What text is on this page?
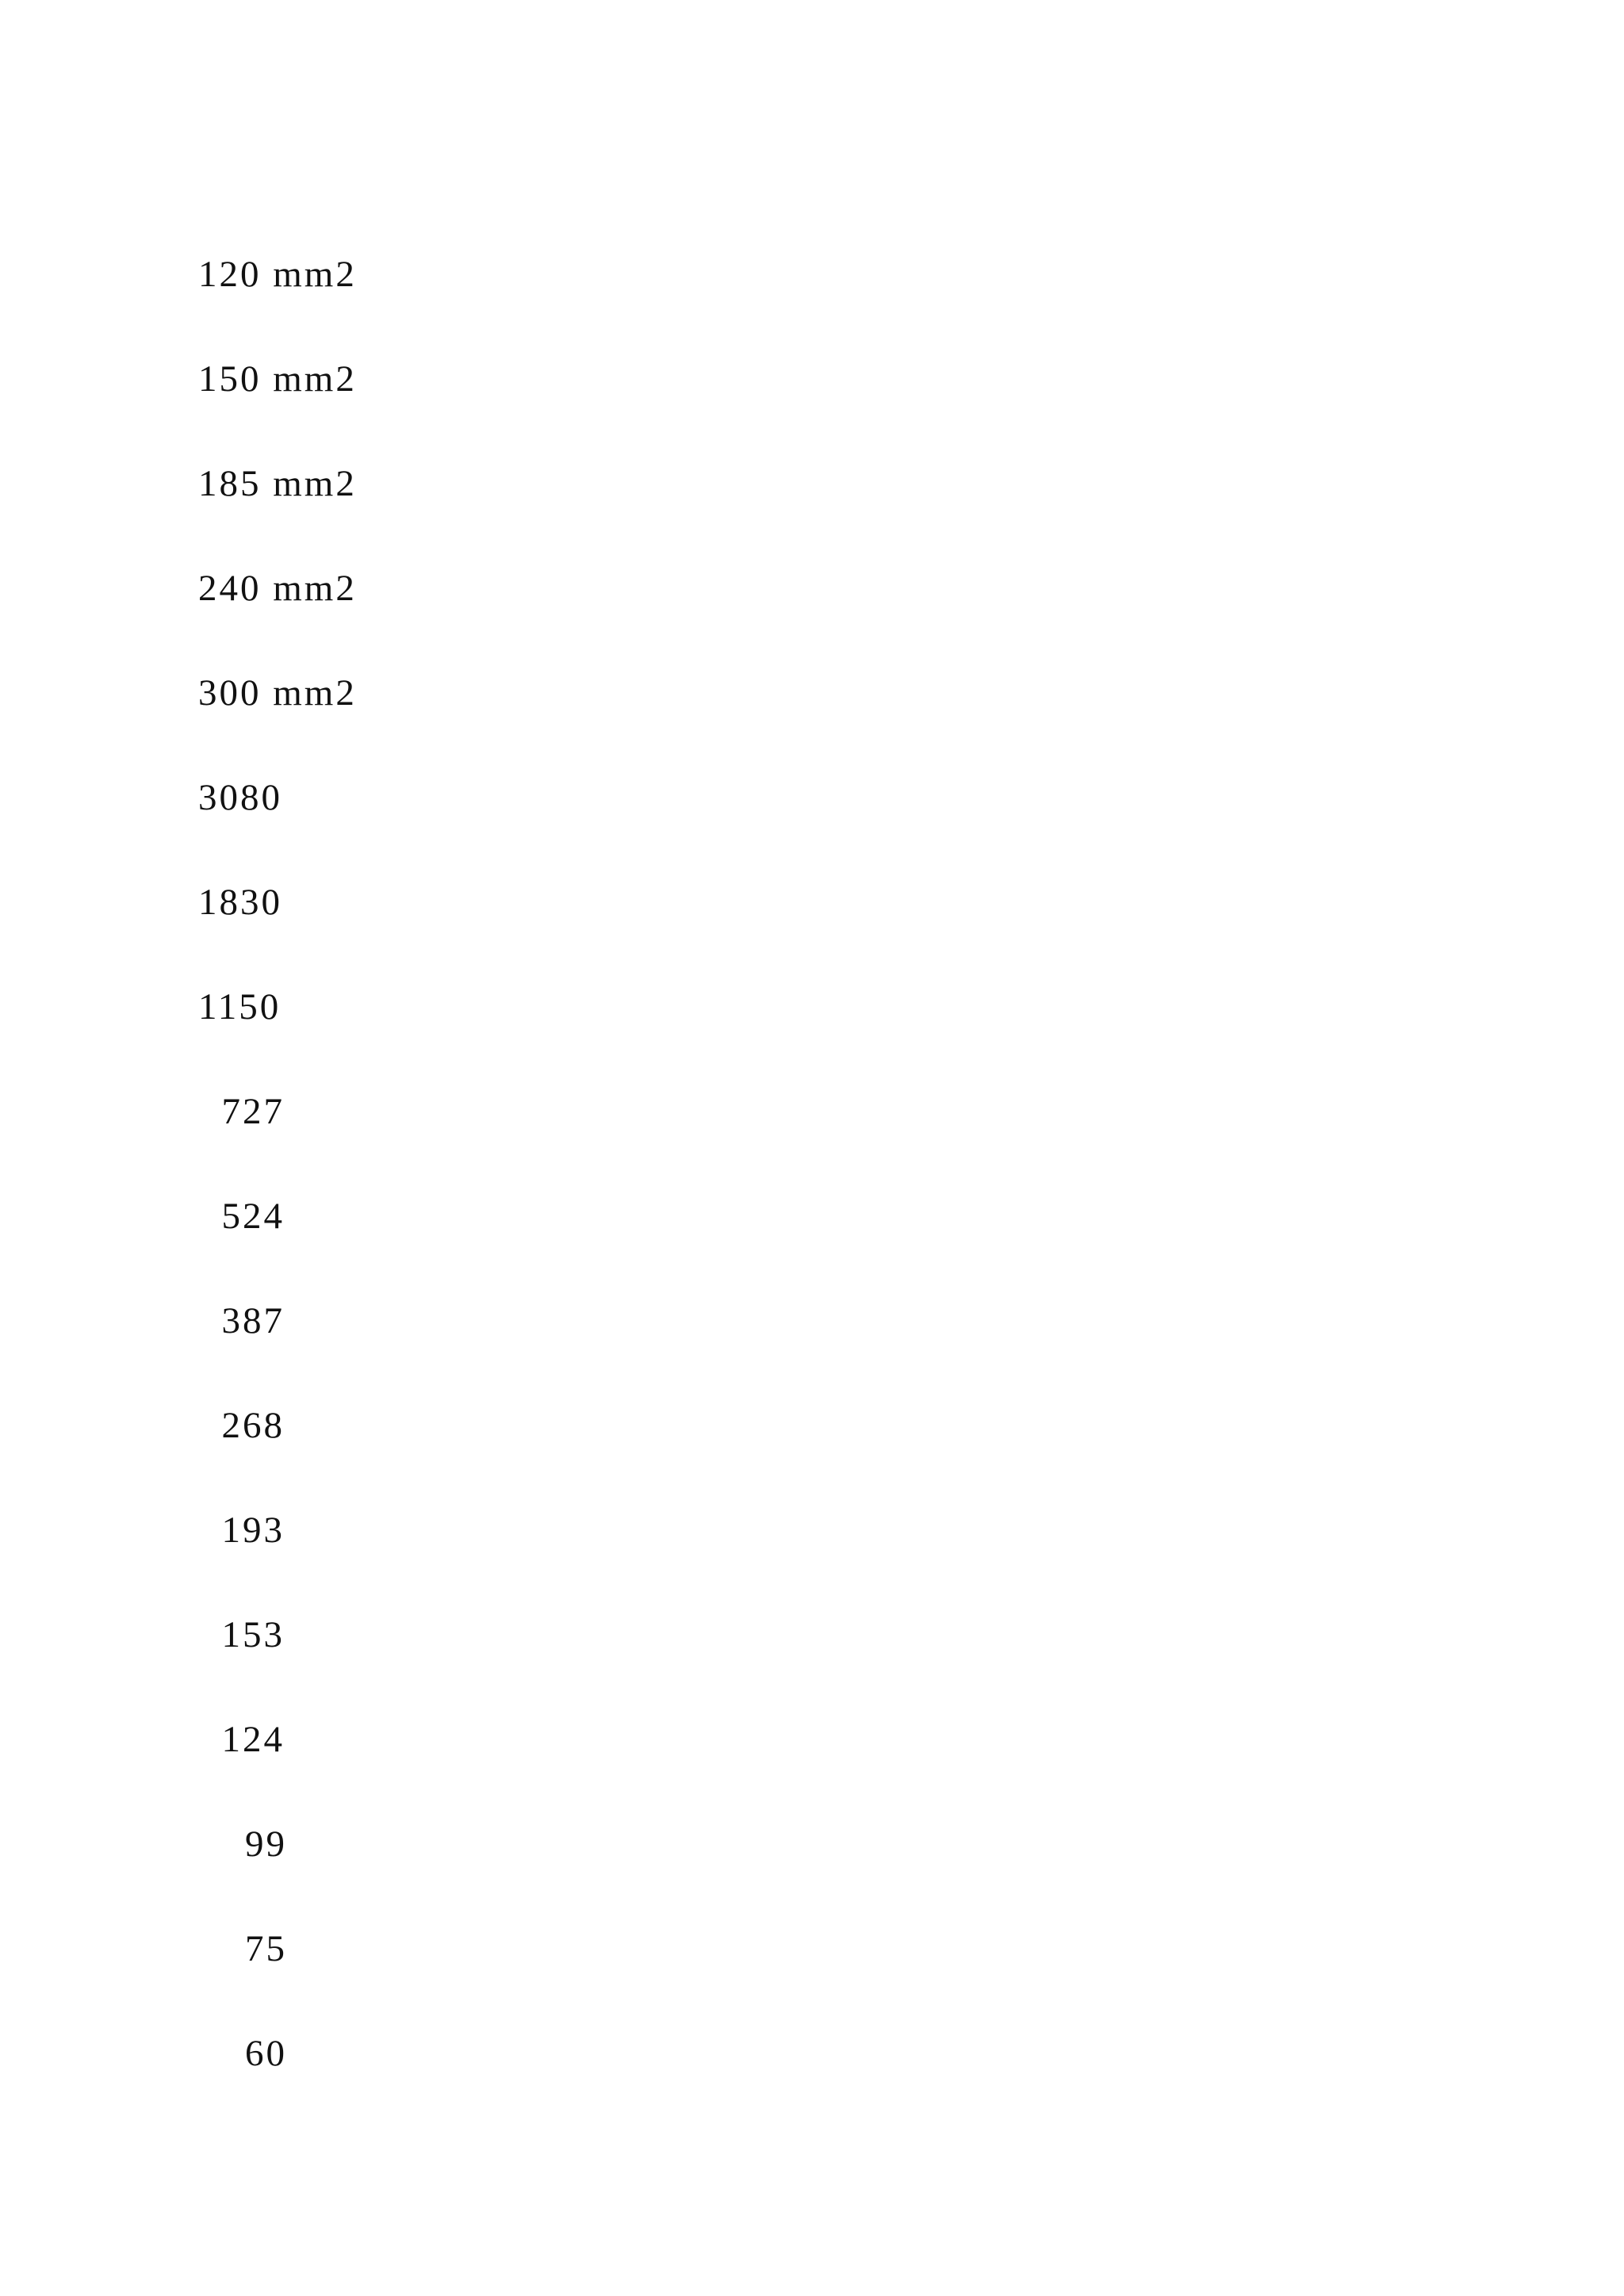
120 mm2
150 mm2
185 mm2
240 mm2
300 mm2
3080
1830
1150
727
524
387
268
193
153
124
99
75
60
